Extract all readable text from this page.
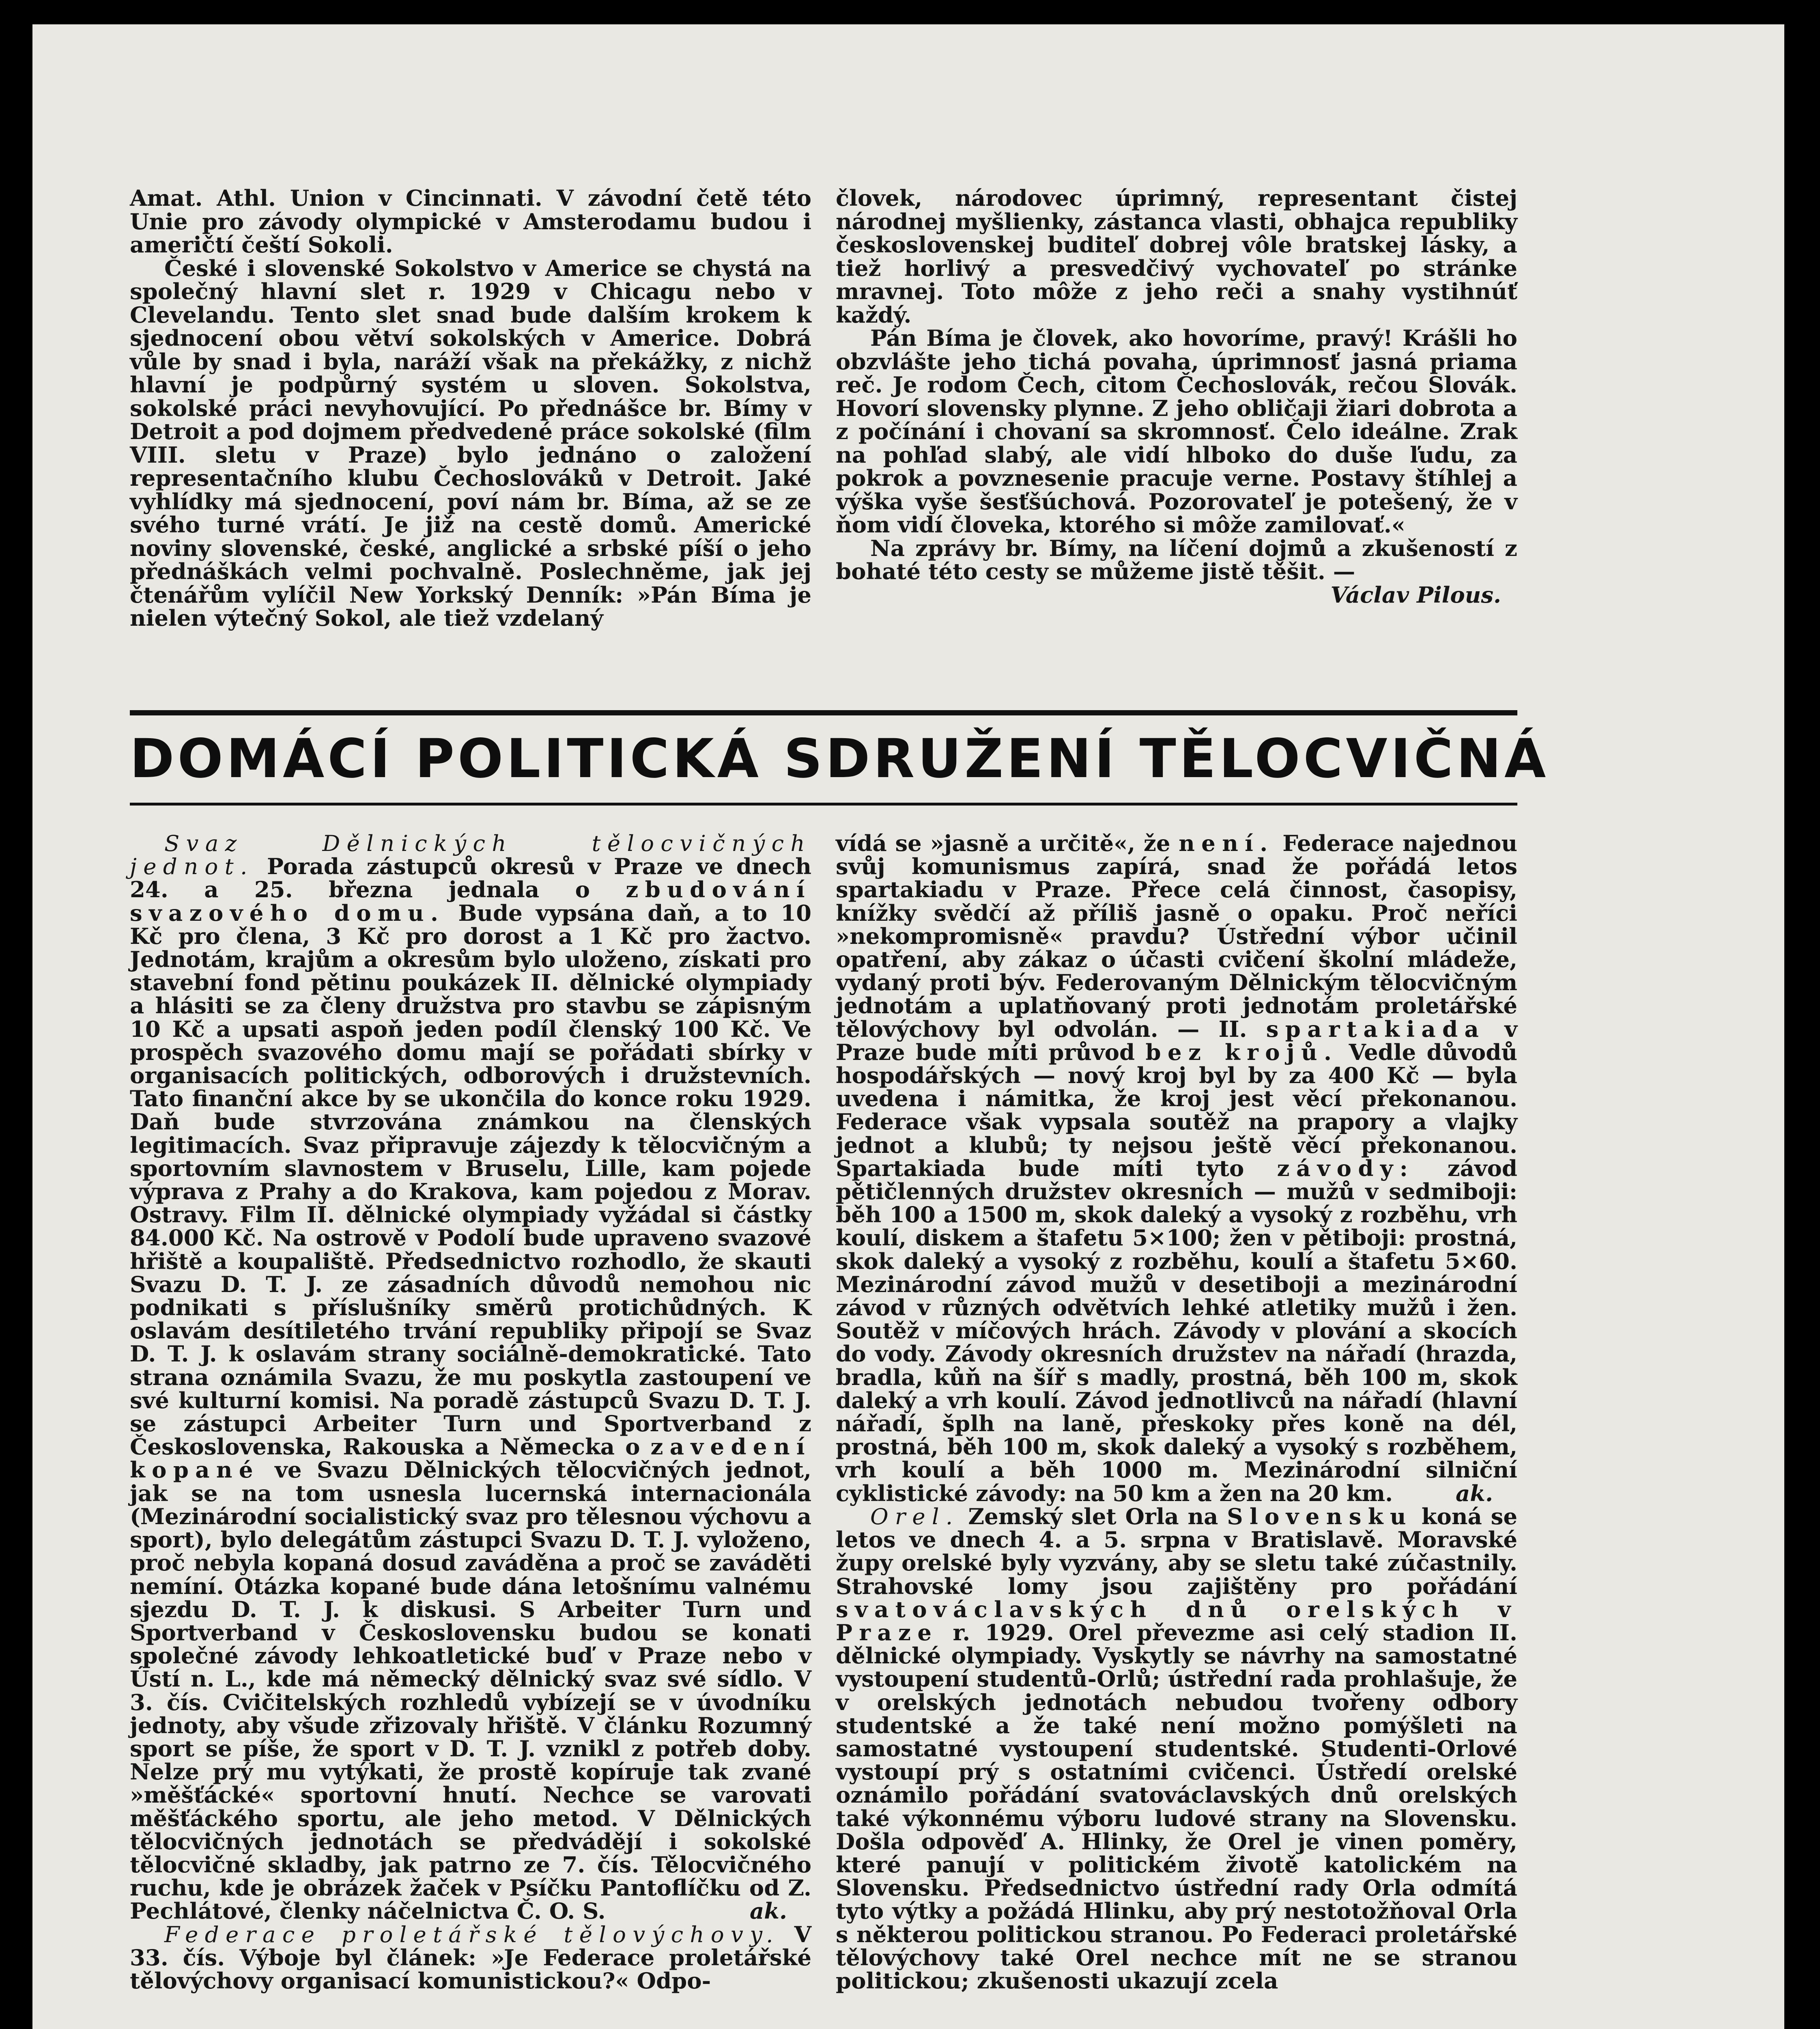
Amat. Athl. Union v Cincinnati. V závodní četě této Unie pro závody olympické v Amsterodamu budou i američtí čeští Sokoli.

České i slovenské Sokolstvo v Americe se chystá na společný hlavní slet r. 1929 v Chicagu nebo v Clevelandu. Tento slet snad bude dalším krokem k sjednocení obou větví sokolských v Americe. Dobrá vůle by snad i byla, naráží však na překážky, z nichž hlavní je podpůrný systém u sloven. Sokolstva, sokolské práci nevyhovující. Po přednášce br. Bímy v Detroit a pod dojmem předvedené práce sokolské (film VIII. sletu v Praze) bylo jednáno o založení representačního klubu Čechoslováků v Detroit. Jaké vyhlídky má sjednocení, poví nám br. Bíma, až se ze svého turné vrátí. Je již na cestě domů. Americké noviny slovenské, české, anglické a srbské píší o jeho přednáškách velmi pochvalně. Poslechněme, jak jej čtenářům vylíčil New Yorkský Denník: »Pán Bíma je nielen výtečný Sokol, ale tiež vzdelaný

človek, národovec úprimný, representant čistej národnej myšlienky, zástanca vlasti, obhajca republiky československej buditeľ dobrej vôle bratskej lásky, a tiež horlivý a presvedčivý vychovateľ po stránke mravnej. Toto môže z jeho reči a snahy vystihnúť každý.

Pán Bíma je človek, ako hovoríme, pravý! Krášli ho obzvlášte jeho tichá povaha, úprimnosť jasná priama reč. Je rodom Čech, citom Čechoslovák, rečou Slovák. Hovorí slovensky plynne. Z jeho obličaji žiari dobrota a z počínání i chovaní sa skromnosť. Čelo ideálne. Zrak na pohľad slabý, ale vidí hlboko do duše ľudu, za pokrok a povznesenie pracuje verne. Postavy štíhlej a výška vyše šesťšúchová. Pozorovateľ je potešený, že v ňom vidí človeka, ktorého si môže zamilovať.«

Na zprávy br. Bímy, na líčení dojmů a zkušeností z bohaté této cesty se můžeme jistě těšit. —

Václav Pilous.

DOMÁCÍ POLITICKÁ SDRUŽENÍ TĚLOCVIČNÁ

Svaz Dělnických tělocvičných jednot. Porada zástupců okresů v Praze ve dnech 24. a 25. března jednala o zbudování svazového domu. Bude vypsána daň, a to 10 Kč pro člena, 3 Kč pro dorost a 1 Kč pro žactvo. Jednotám, krajům a okresům bylo uloženo, získati pro stavební fond pětinu poukázek II. dělnické olympiady a hlásiti se za členy družstva pro stavbu se zápisným 10 Kč a upsati aspoň jeden podíl členský 100 Kč. Ve prospěch svazového domu mají se pořádati sbírky v organisacích politických, odborových i družstevních. Tato finanční akce by se ukončila do konce roku 1929. Daň bude stvrzována známkou na členských legitimacích. Svaz připravuje zájezdy k tělocvičným a sportovním slavnostem v Bruselu, Lille, kam pojede výprava z Prahy a do Krakova, kam pojedou z Morav. Ostravy. Film II. dělnické olympiady vyžádal si částky 84.000 Kč. Na ostrově v Podolí bude upraveno svazové hřiště a koupaliště. Předsednictvo rozhodlo, že skauti Svazu D. T. J. ze zásadních důvodů nemohou nic podnikati s příslušníky směrů protichůdných. K oslavám desítiletého trvání republiky připojí se Svaz D. T. J. k oslavám strany sociálně-demokratické. Tato strana oznámila Svazu, že mu poskytla zastoupení ve své kulturní komisi. Na poradě zástupců Svazu D. T. J. se zástupci Arbeiter Turn und Sportverband z Československa, Rakouska a Německa o zavedení kopané ve Svazu Dělnických tělocvičných jednot, jak se na tom usnesla lucernská internacionála (Mezinárodní socialistický svaz pro tělesnou výchovu a sport), bylo delegátům zástupci Svazu D. T. J. vyloženo, proč nebyla kopaná dosud zaváděna a proč se zaváděti nemíní. Otázka kopané bude dána letošnímu valnému sjezdu D. T. J. k diskusi. S Arbeiter Turn und Sportverband v Československu budou se konati společné závody lehkoatletické buď v Praze nebo v Ústí n. L., kde má německý dělnický svaz své sídlo. V 3. čís. Cvičitelských rozhledů vybízejí se v úvodníku jednoty, aby všude zřizovaly hřiště. V článku Rozumný sport se píše, že sport v D. T. J. vznikl z potřeb doby. Nelze prý mu vytýkati, že prostě kopíruje tak zvané »měšťácké« sportovní hnutí. Nechce se varovati měšťáckého sportu, ale jeho metod. V Dělnických tělocvičných jednotách se předvádějí i sokolské tělocvičné skladby, jak patrno ze 7. čís. Tělocvičného ruchu, kde je obrázek žaček v Psíčku Pantoflíčku od Z. Pechlátové, členky náčelnictva Č. O. S.	ak.

Federace proletářské tělovýchovy. V 33. čís. Výboje byl článek: »Je Federace proletářské tělovýchovy organisací komunistickou?« Odpo-

vídá se »jasně a určitě«, že není. Federace najednou svůj komunismus zapírá, snad že pořádá letos spartakiadu v Praze. Přece celá činnost, časopisy, knížky svědčí až příliš jasně o opaku. Proč neříci »nekompromisně« pravdu? Ústřední výbor učinil opatření, aby zákaz o účasti cvičení školní mládeže, vydaný proti býv. Federovaným Dělnickým tělocvičným jednotám a uplatňovaný proti jednotám proletářské tělovýchovy byl odvolán. — II. spartakiada v Praze bude míti průvod bez krojů. Vedle důvodů hospodářských — nový kroj byl by za 400 Kč — byla uvedena i námitka, že kroj jest věcí překonanou. Federace však vypsala soutěž na prapory a vlajky jednot a klubů; ty nejsou ještě věcí překonanou. Spartakiada bude míti tyto závody: závod pětičlenných družstev okresních — mužů v sedmiboji: běh 100 a 1500 m, skok daleký a vysoký z rozběhu, vrh koulí, diskem a štafetu 5×100; žen v pětiboji: prostná, skok daleký a vysoký z rozběhu, koulí a štafetu 5×60. Mezinárodní závod mužů v desetiboji a mezinárodní závod v různých odvětvích lehké atletiky mužů i žen. Soutěž v míčových hrách. Závody v plování a skocích do vody. Závody okresních družstev na nářadí (hrazda, bradla, kůň na šíř s madly, prostná, běh 100 m, skok daleký a vrh koulí. Závod jednotlivců na nářadí (hlavní nářadí, šplh na laně, přeskoky přes koně na dél, prostná, běh 100 m, skok daleký a vysoký s rozběhem, vrh koulí a běh 1000 m. Mezinárodní silniční cyklistické závody: na 50 km a žen na 20 km.	ak.

Orel. Zemský slet Orla na Slovensku koná se letos ve dnech 4. a 5. srpna v Bratislavě. Moravské župy orelské byly vyzvány, aby se sletu také zúčastnily. Strahovské lomy jsou zajištěny pro pořádání svatováclavských dnů orelských v Praze r. 1929. Orel převezme asi celý stadion II. dělnické olympiady. Vyskytly se návrhy na samostatné vystoupení studentů-Orlů; ústřední rada prohlašuje, že v orelských jednotách nebudou tvořeny odbory studentské a že také není možno pomýšleti na samostatné vystoupení studentské. Studenti-Orlové vystoupí prý s ostatními cvičenci. Ústředí orelské oznámilo pořádání svatováclavských dnů orelských také výkonnému výboru ludové strany na Slovensku. Došla odpověď A. Hlinky, že Orel je vinen poměry, které panují v politickém životě katolickém na Slovensku. Předsednictvo ústřední rady Orla odmítá tyto výtky a požádá Hlinku, aby prý nestotožňoval Orla s některou politickou stranou. Po Federaci proletářské tělovýchovy také Orel nechce mít ne se stranou politickou; zkušenosti ukazují zcela
